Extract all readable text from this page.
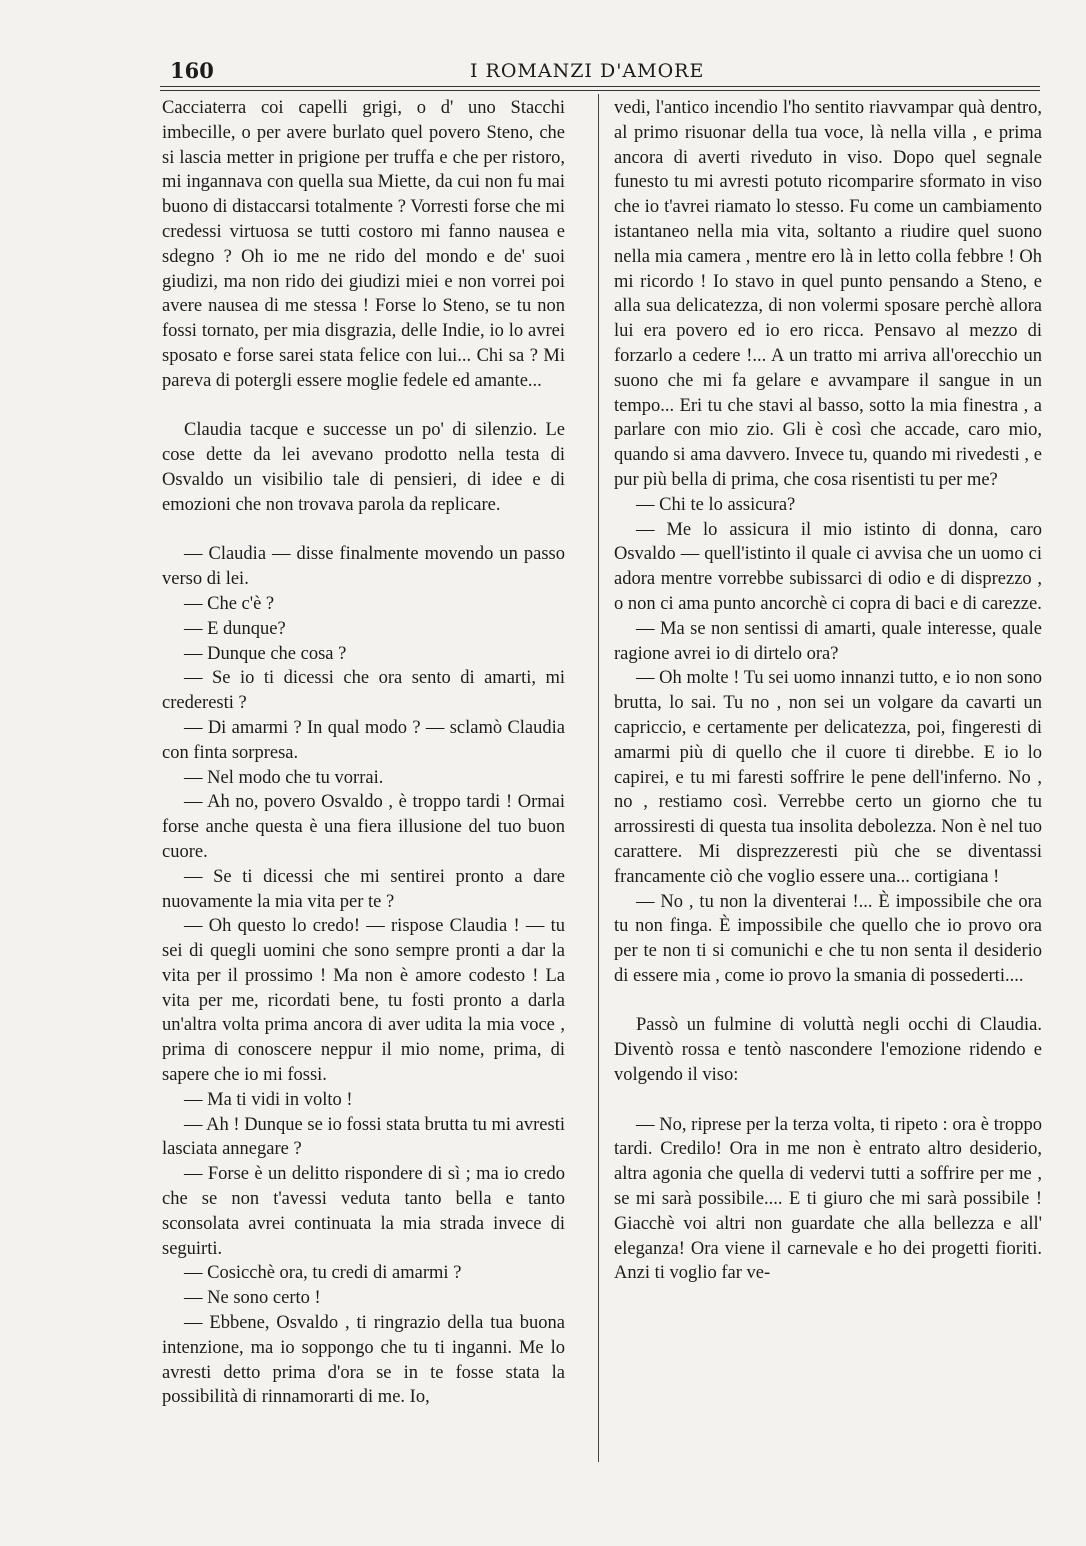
160	I ROMANZI D'AMORE

Cacciaterra coi capelli grigi, o d' uno Stacchi imbecille, o per avere burlato quel povero Steno, che si lascia metter in prigione per truffa e che per ristoro, mi ingannava con quella sua Miette, da cui non fu mai buono di distaccarsi totalmente ? Vorresti forse che mi credessi virtuosa se tutti costoro mi fanno nausea e sdegno ? Oh io me ne rido del mondo e de' suoi giudizi, ma non rido dei giudizi miei e non vorrei poi avere nausea di me stessa ! Forse lo Steno, se tu non fossi tornato, per mia disgrazia, delle Indie, io lo avrei sposato e forse sarei stata felice con lui... Chi sa ? Mi pareva di potergli essere moglie fedele ed amante...

Claudia tacque e successe un po' di silenzio. Le cose dette da lei avevano prodotto nella testa di Osvaldo un visibilio tale di pensieri, di idee e di emozioni che non trovava parola da replicare.

— Claudia — disse finalmente movendo un passo verso di lei.

— Che c'è ?

— E dunque?

— Dunque che cosa ?

— Se io ti dicessi che ora sento di amarti, mi crederesti ?

— Di amarmi ? In qual modo ? — sclamò Claudia con finta sorpresa.

— Nel modo che tu vorrai.

— Ah no, povero Osvaldo , è troppo tardi ! Ormai forse anche questa è una fiera illusione del tuo buon cuore.

— Se ti dicessi che mi sentirei pronto a dare nuovamente la mia vita per te ?

— Oh questo lo credo! — rispose Claudia ! — tu sei di quegli uomini che sono sempre pronti a dar la vita per il prossimo ! Ma non è amore codesto ! La vita per me, ricordati bene, tu fosti pronto a darla un'altra volta prima ancora di aver udita la mia voce , prima di conoscere neppur il mio nome, prima, di sapere che io mi fossi.

— Ma ti vidi in volto !

— Ah ! Dunque se io fossi stata brutta tu mi avresti lasciata annegare ?

— Forse è un delitto rispondere di sì ; ma io credo che se non t'avessi veduta tanto bella e tanto sconsolata avrei continuata la mia strada invece di seguirti.

— Cosicchè ora, tu credi di amarmi ?

— Ne sono certo !

— Ebbene, Osvaldo , ti ringrazio della tua buona intenzione, ma io soppongo che tu ti inganni. Me lo avresti detto prima d'ora se in te fosse stata la possibilità di rinnamorarti di me. Io,

vedi, l'antico incendio l'ho sentito riavvampar quà dentro, al primo risuonar della tua voce, là nella villa , e prima ancora di averti riveduto in viso. Dopo quel segnale funesto tu mi avresti potuto ricomparire sformato in viso che io t'avrei riamato lo stesso. Fu come un cambiamento istantaneo nella mia vita, soltanto a riudire quel suono nella mia camera , mentre ero là in letto colla febbre ! Oh mi ricordo ! Io stavo in quel punto pensando a Steno, e alla sua delicatezza, di non volermi sposare perchè allora lui era povero ed io ero ricca. Pensavo al mezzo di forzarlo a cedere !... A un tratto mi arriva all'orecchio un suono che mi fa gelare e avvampare il sangue in un tempo... Eri tu che stavi al basso, sotto la mia finestra , a parlare con mio zio. Gli è così che accade, caro mio, quando si ama davvero. Invece tu, quando mi rivedesti , e pur più bella di prima, che cosa risentisti tu per me?

— Chi te lo assicura?

— Me lo assicura il mio istinto di donna, caro Osvaldo — quell'istinto il quale ci avvisa che un uomo ci adora mentre vorrebbe subissarci di odio e di disprezzo , o non ci ama punto ancorchè ci copra di baci e di carezze.

— Ma se non sentissi di amarti, quale interesse, quale ragione avrei io di dirtelo ora?

— Oh molte ! Tu sei uomo innanzi tutto, e io non sono brutta, lo sai. Tu no , non sei un volgare da cavarti un capriccio, e certamente per delicatezza, poi, fingeresti di amarmi più di quello che il cuore ti direbbe. E io lo capirei, e tu mi faresti soffrire le pene dell'inferno. No , no , restiamo così. Verrebbe certo un giorno che tu arrossiresti di questa tua insolita debolezza. Non è nel tuo carattere. Mi disprezzeresti più che se diventassi francamente ciò che voglio essere una... cortigiana !

— No , tu non la diventerai !... È impossibile che ora tu non finga. È impossibile che quello che io provo ora per te non ti si comunichi e che tu non senta il desiderio di essere mia , come io provo la smania di possederti....

Passò un fulmine di voluttà negli occhi di Claudia. Diventò rossa e tentò nascondere l'emozione ridendo e volgendo il viso:

— No, riprese per la terza volta, ti ripeto : ora è troppo tardi. Credilo! Ora in me non è entrato altro desiderio, altra agonia che quella di vedervi tutti a soffrire per me , se mi sarà possibile.... E ti giuro che mi sarà possibile ! Giacchè voi altri non guardate che alla bellezza e all' eleganza! Ora viene il carnevale e ho dei progetti fioriti. Anzi ti voglio far ve-
